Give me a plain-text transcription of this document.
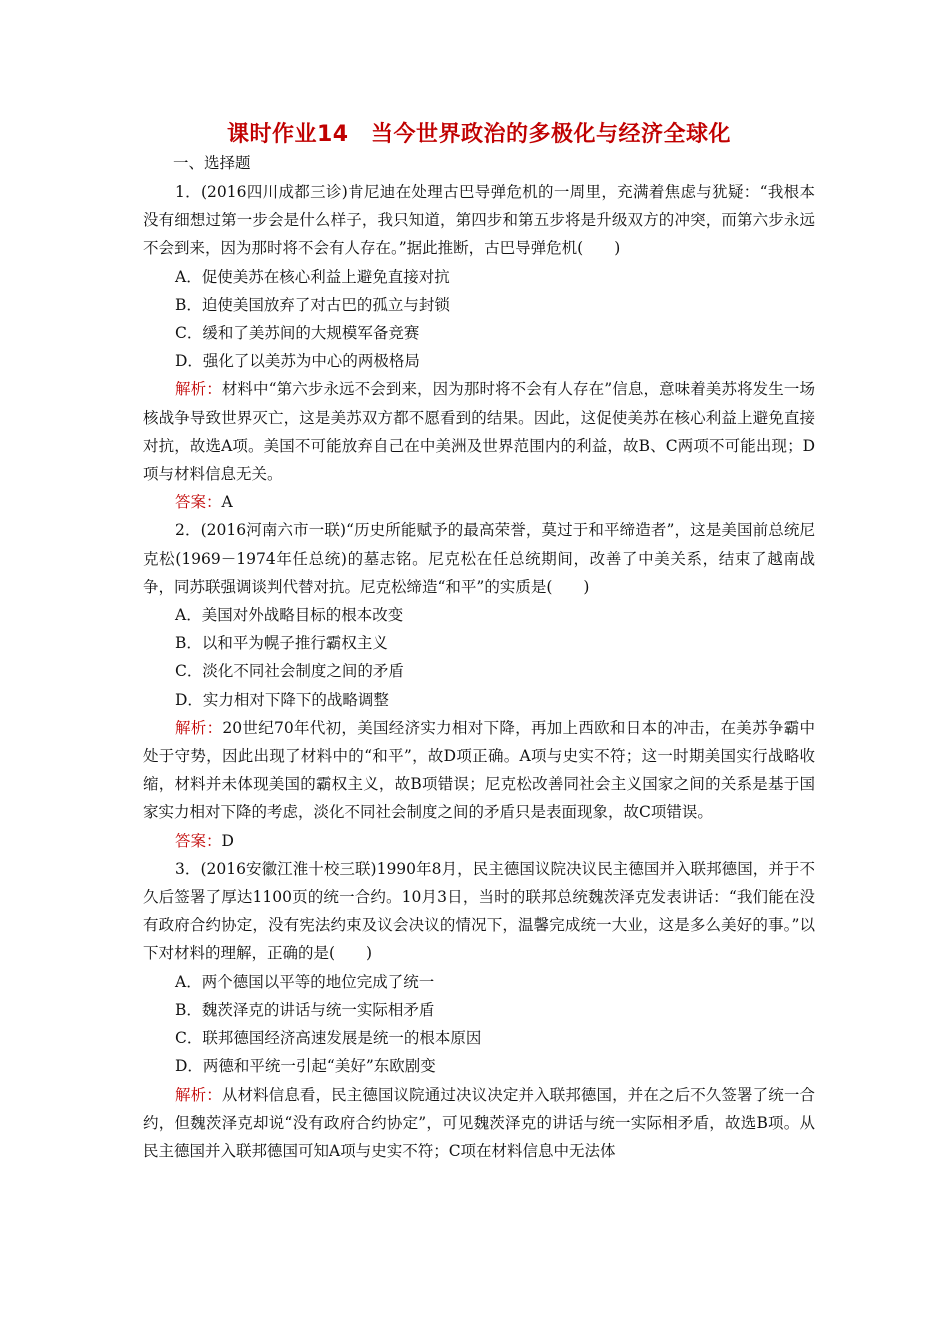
课时作业14　当今世界政治的多极化与经济全球化
一、选择题

1．(2016四川成都三诊)肯尼迪在处理古巴导弹危机的一周里，充满着焦虑与犹疑：“我根本没有细想过第一步会是什么样子，我只知道，第四步和第五步将是升级双方的冲突，而第六步永远不会到来，因为那时将不会有人存在。”据此推断，古巴导弹危机(　　)

A．促使美苏在核心利益上避免直接对抗

B．迫使美国放弃了对古巴的孤立与封锁

C．缓和了美苏间的大规模军备竞赛

D．强化了以美苏为中心的两极格局

解析：材料中“第六步永远不会到来，因为那时将不会有人存在”信息，意味着美苏将发生一场核战争导致世界灭亡，这是美苏双方都不愿看到的结果。因此，这促使美苏在核心利益上避免直接对抗，故选A项。美国不可能放弃自己在中美洲及世界范围内的利益，故B、C两项不可能出现；D项与材料信息无关。

答案：A

2．(2016河南六市一联)“历史所能赋予的最高荣誉，莫过于和平缔造者”，这是美国前总统尼克松(1969－1974年任总统)的墓志铭。尼克松在任总统期间，改善了中美关系，结束了越南战争，同苏联强调谈判代替对抗。尼克松缔造“和平”的实质是(　　)

A．美国对外战略目标的根本改变

B．以和平为幌子推行霸权主义

C．淡化不同社会制度之间的矛盾

D．实力相对下降下的战略调整

解析：20世纪70年代初，美国经济实力相对下降，再加上西欧和日本的冲击，在美苏争霸中处于守势，因此出现了材料中的“和平”，故D项正确。A项与史实不符；这一时期美国实行战略收缩，材料并未体现美国的霸权主义，故B项错误；尼克松改善同社会主义国家之间的关系是基于国家实力相对下降的考虑，淡化不同社会制度之间的矛盾只是表面现象，故C项错误。

答案：D

3．(2016安徽江淮十校三联)1990年8月，民主德国议院决议民主德国并入联邦德国，并于不久后签署了厚达1100页的统一合约。10月3日，当时的联邦总统魏茨泽克发表讲话：“我们能在没有政府合约协定，没有宪法约束及议会决议的情况下，温馨完成统一大业，这是多么美好的事。”以下对材料的理解，正确的是(　　)

A．两个德国以平等的地位完成了统一

B．魏茨泽克的讲话与统一实际相矛盾

C．联邦德国经济高速发展是统一的根本原因

D．两德和平统一引起“美好”东欧剧变

解析：从材料信息看，民主德国议院通过决议决定并入联邦德国，并在之后不久签署了统一合约，但魏茨泽克却说“没有政府合约协定”，可见魏茨泽克的讲话与统一实际相矛盾，故选B项。从民主德国并入联邦德国可知A项与史实不符；C项在材料信息中无法体
